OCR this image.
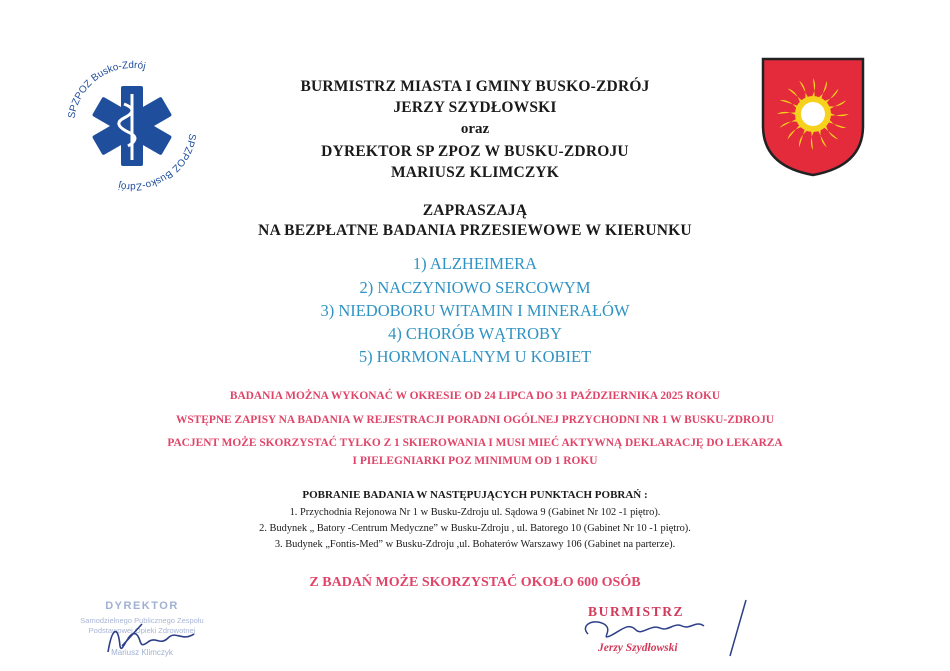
SPZPOZ Busko-Zdrój
SPZPOZ Busko-Zdrój
BURMISTRZ MIASTA I GMINY BUSKO-ZDRÓJ
JERZY SZYDŁOWSKI
oraz
DYREKTOR SP ZPOZ W BUSKU-ZDROJU
MARIUSZ KLIMCZYK
ZAPRASZAJĄ
NA BEZPŁATNE BADANIA PRZESIEWOWE W KIERUNKU
1) ALZHEIMERA
2) NACZYNIOWO SERCOWYM
3) NIEDOBORU WITAMIN I MINERAŁÓW
4) CHORÓB WĄTROBY
5) HORMONALNYM U KOBIET
BADANIA MOŻNA WYKONAĆ W OKRESIE OD 24 LIPCA DO 31 PAŹDZIERNIKA 2025 ROKU
WSTĘPNE ZAPISY NA BADANIA W REJESTRACJI PORADNI OGÓLNEJ PRZYCHODNI NR 1 W BUSKU-ZDROJU
PACJENT MOŻE SKORZYSTAĆ TYLKO Z 1 SKIEROWANIA I MUSI MIEĆ AKTYWNĄ DEKLARACJĘ DO LEKARZA
I PIELEGNIARKI POZ MINIMUM OD 1 ROKU
POBRANIE BADANIA W NASTĘPUJĄCYCH PUNKTACH POBRAŃ :
1. Przychodnia Rejonowa Nr 1 w Busku-Zdroju ul. Sądowa 9 (Gabinet Nr 102 -1 piętro).
2. Budynek „ Batory -Centrum Medyczne” w Busku-Zdroju , ul. Batorego 10 (Gabinet Nr 10 -1 piętro).
3. Budynek „Fontis-Med” w Busku-Zdroju ,ul. Bohaterów Warszawy 106 (Gabinet na parterze).
Z BADAŃ MOŻE SKORZYSTAĆ OKOŁO 600 OSÓB
DYREKTOR
Samodzielnego Publicznego Zespołu
Podstawowej Opieki Zdrowotnej
Mariusz Klimczyk
BURMISTRZ
Jerzy Szydłowski
